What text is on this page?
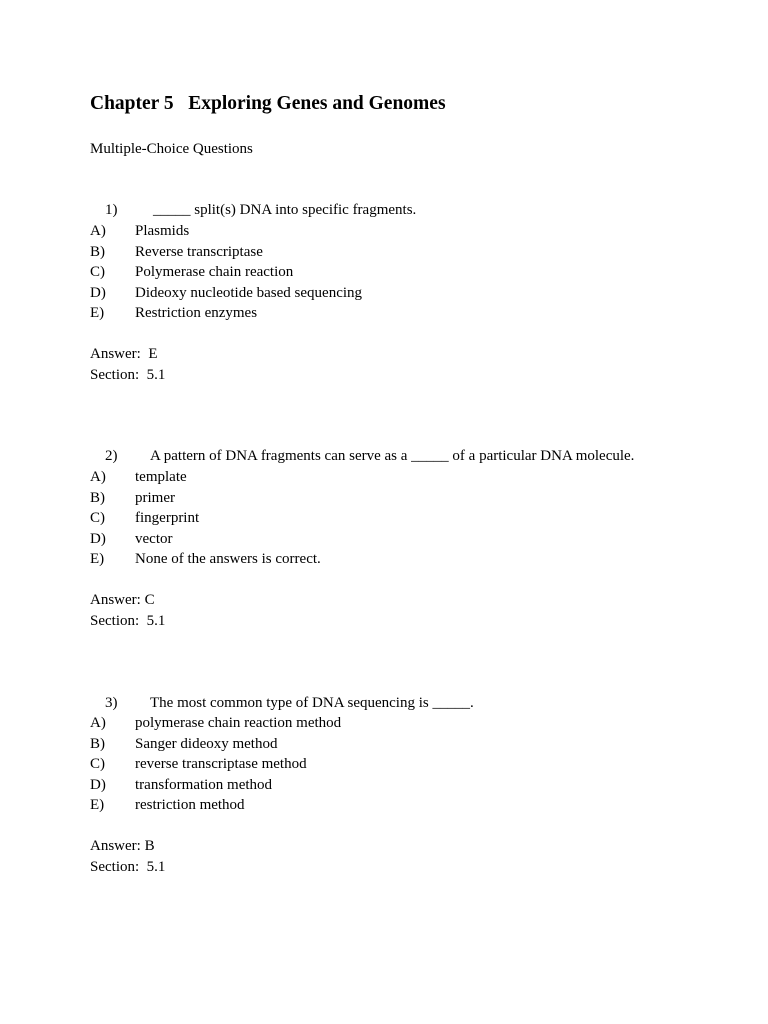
Chapter 5   Exploring Genes and Genomes
Multiple-Choice Questions

1) _____ split(s) DNA into specific fragments.

A) Plasmids
B) Reverse transcriptase
C) Polymerase chain reaction
D) Dideoxy nucleotide based sequencing
E) Restriction enzymes
Answer:  E
Section:  5.1

2) A pattern of DNA fragments can serve as a _____ of a particular DNA molecule.

A) template
B) primer
C) fingerprint
D) vector
E) None of the answers is correct.
Answer: C
Section:  5.1

3) The most common type of DNA sequencing is _____.

A) polymerase chain reaction method
B) Sanger dideoxy method
C) reverse transcriptase method
D) transformation method
E) restriction method
Answer: B
Section:  5.1
